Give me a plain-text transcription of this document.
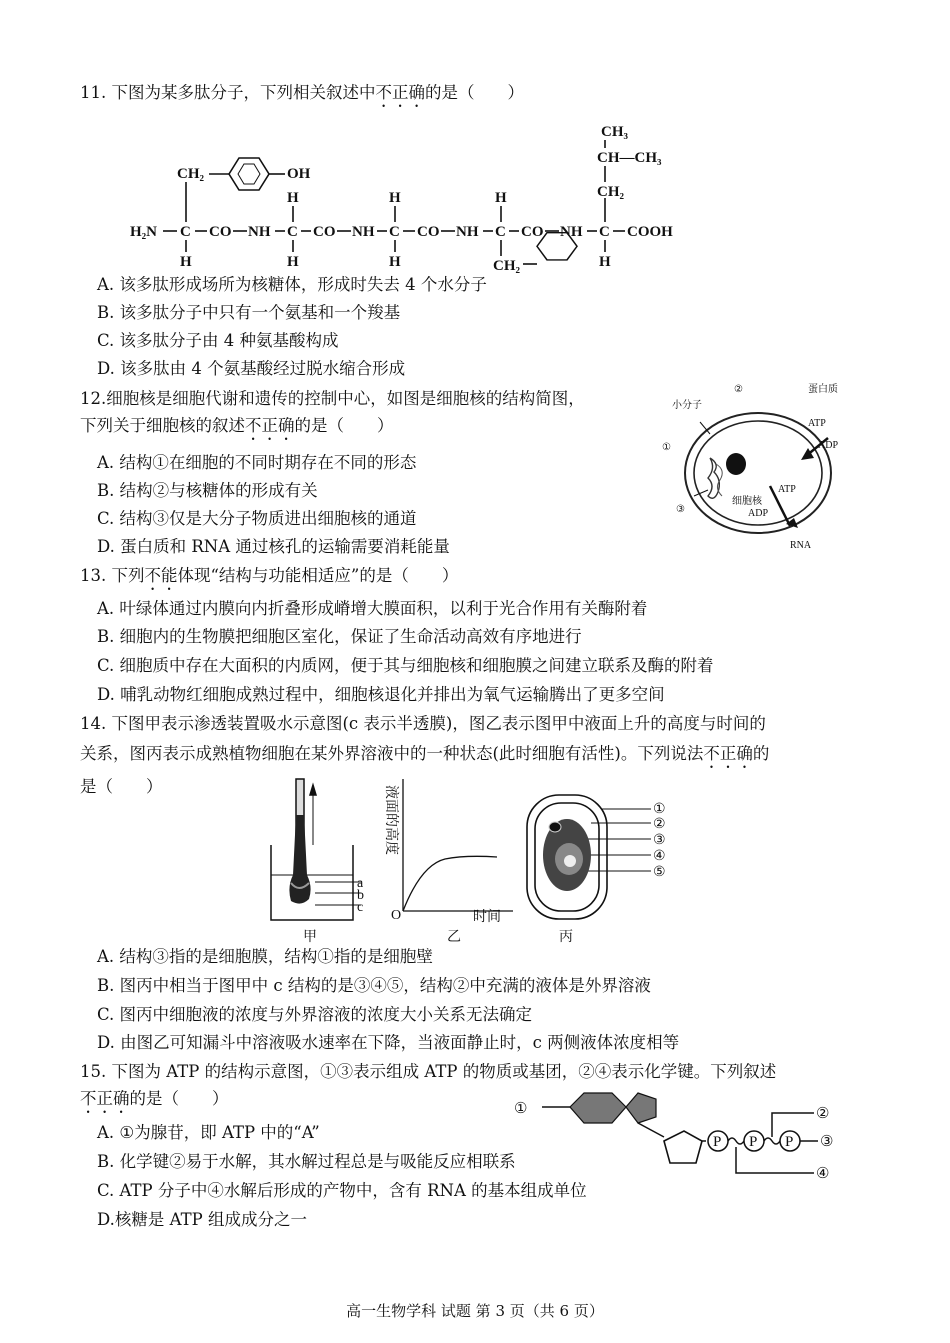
11. 下图为某多肽分子，下列相关叙述中不正确的是（　　）
CH₃
CH—CH₃
CH₂
CH₂	OH
H	H	H
H₂N C CO NH C CO NH C CO NH C CO NH C COOH
H	H	H	H
CH₂
A. 该多肽形成场所为核糖体，形成时失去 4 个水分子
B. 该多肽分子中只有一个氨基和一个羧基
C. 该多肽分子由 4 种氨基酸构成
D. 该多肽由 4 个氨基酸经过脱水缩合形成
12.细胞核是细胞代谢和遗传的控制中心，如图是细胞核的结构简图，
下列关于细胞核的叙述不正确的是（　　）
小分子
②	蛋白质
ATP
ADP
①
ATP
细胞核
ADP
③
RNA
A. 结构①在细胞的不同时期存在不同的形态
B. 结构②与核糖体的形成有关
C. 结构③仅是大分子物质进出细胞核的通道
D. 蛋白质和 RNA 通过核孔的运输需要消耗能量
13. 下列不能体现“结构与功能相适应”的是（　　）
A. 叶绿体通过内膜向内折叠形成嵴增大膜面积，以利于光合作用有关酶附着
B. 细胞内的生物膜把细胞区室化，保证了生命活动高效有序地进行
C. 细胞质中存在大面积的内质网，便于其与细胞核和细胞膜之间建立联系及酶的附着
D. 哺乳动物红细胞成熟过程中，细胞核退化并排出为氧气运输腾出了更多空间
14. 下图甲表示渗透装置吸水示意图(c 表示半透膜)，图乙表示图甲中液面上升的高度与时间的
关系，图丙表示成熟植物细胞在某外界溶液中的一种状态(此时细胞有活性)。下列说法不正确的
是（　　）
a
b
c
O	时间
①
②
③
④
⑤
甲	乙	丙
液面的高度
A. 结构③指的是细胞膜，结构①指的是细胞壁
B. 图丙中相当于图甲中 c 结构的是③④⑤，结构②中充满的液体是外界溶液
C. 图丙中细胞液的浓度与外界溶液的浓度大小关系无法确定
D. 由图乙可知漏斗中溶液吸水速率在下降，当液面静止时，c 两侧液体浓度相等
15. 下图为 ATP 的结构示意图，①③表示组成 ATP 的物质或基团，②④表示化学键。下列叙述
不正确的是（　　）
①
P P P
②
③
④
A. ①为腺苷，即 ATP 中的“A”
B. 化学键②易于水解，其水解过程总是与吸能反应相联系
C. ATP 分子中④水解后形成的产物中，含有 RNA 的基本组成单位
D.核糖是 ATP 组成成分之一
高一生物学科 试题 第 3 页（共 6 页）
